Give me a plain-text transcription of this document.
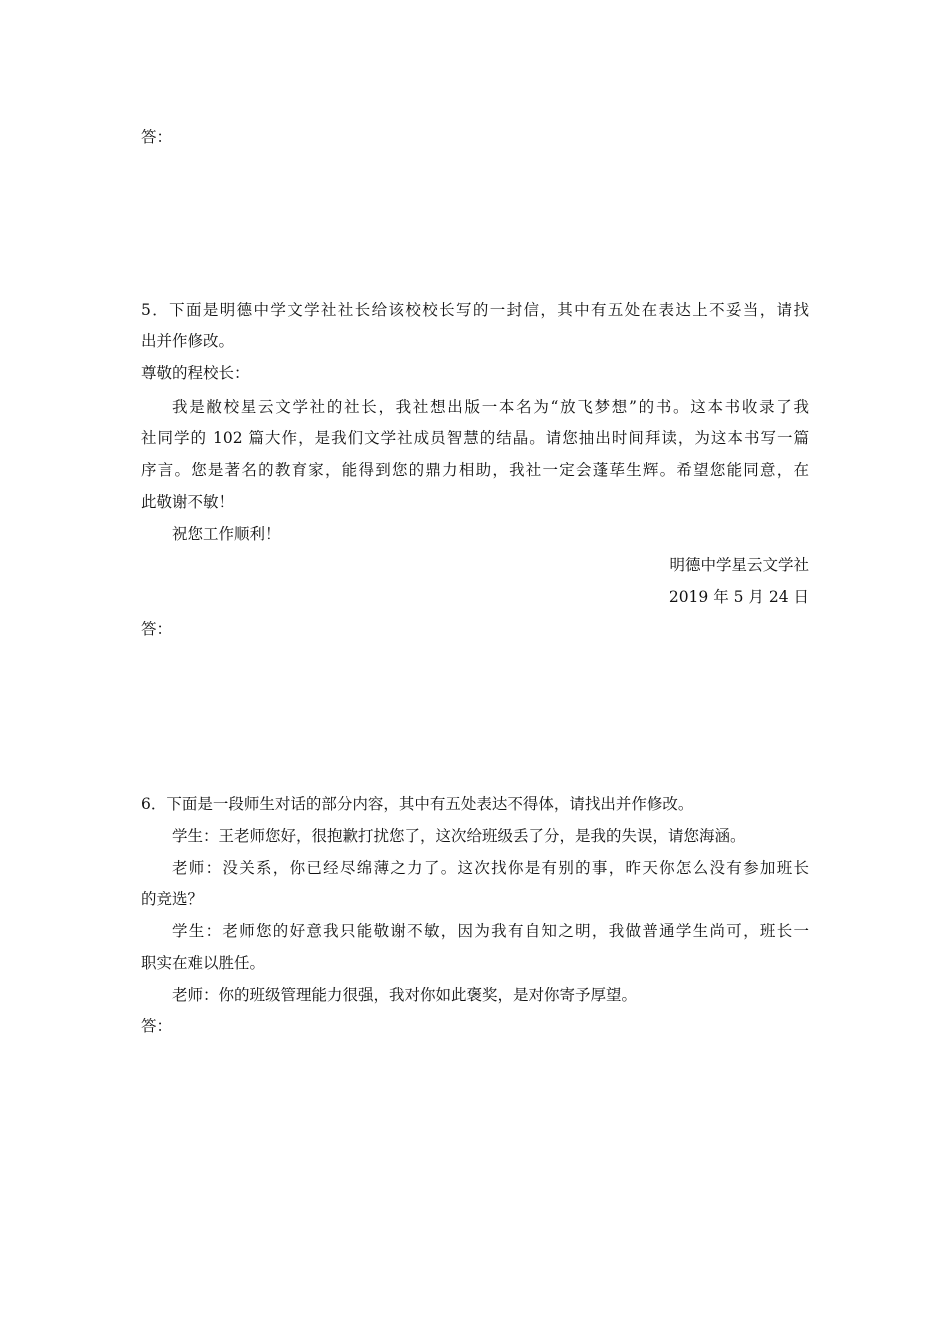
答：
5．下面是明德中学文学社社长给该校校长写的一封信，其中有五处在表达上不妥当，请找
出并作修改。
尊敬的程校长：
我是敝校星云文学社的社长，我社想出版一本名为“放飞梦想”的书。这本书收录了我
社同学的 102 篇大作，是我们文学社成员智慧的结晶。请您抽出时间拜读，为这本书写一篇
序言。您是著名的教育家，能得到您的鼎力相助，我社一定会蓬荜生辉。希望您能同意，在
此敬谢不敏！
祝您工作顺利！
明德中学星云文学社
2019 年 5 月 24 日
答：
6．下面是一段师生对话的部分内容，其中有五处表达不得体，请找出并作修改。
学生：王老师您好，很抱歉打扰您了，这次给班级丢了分，是我的失误，请您海涵。
老师：没关系，你已经尽绵薄之力了。这次找你是有别的事，昨天你怎么没有参加班长
的竞选？
学生：老师您的好意我只能敬谢不敏，因为我有自知之明，我做普通学生尚可，班长一
职实在难以胜任。
老师：你的班级管理能力很强，我对你如此褒奖，是对你寄予厚望。
答：
